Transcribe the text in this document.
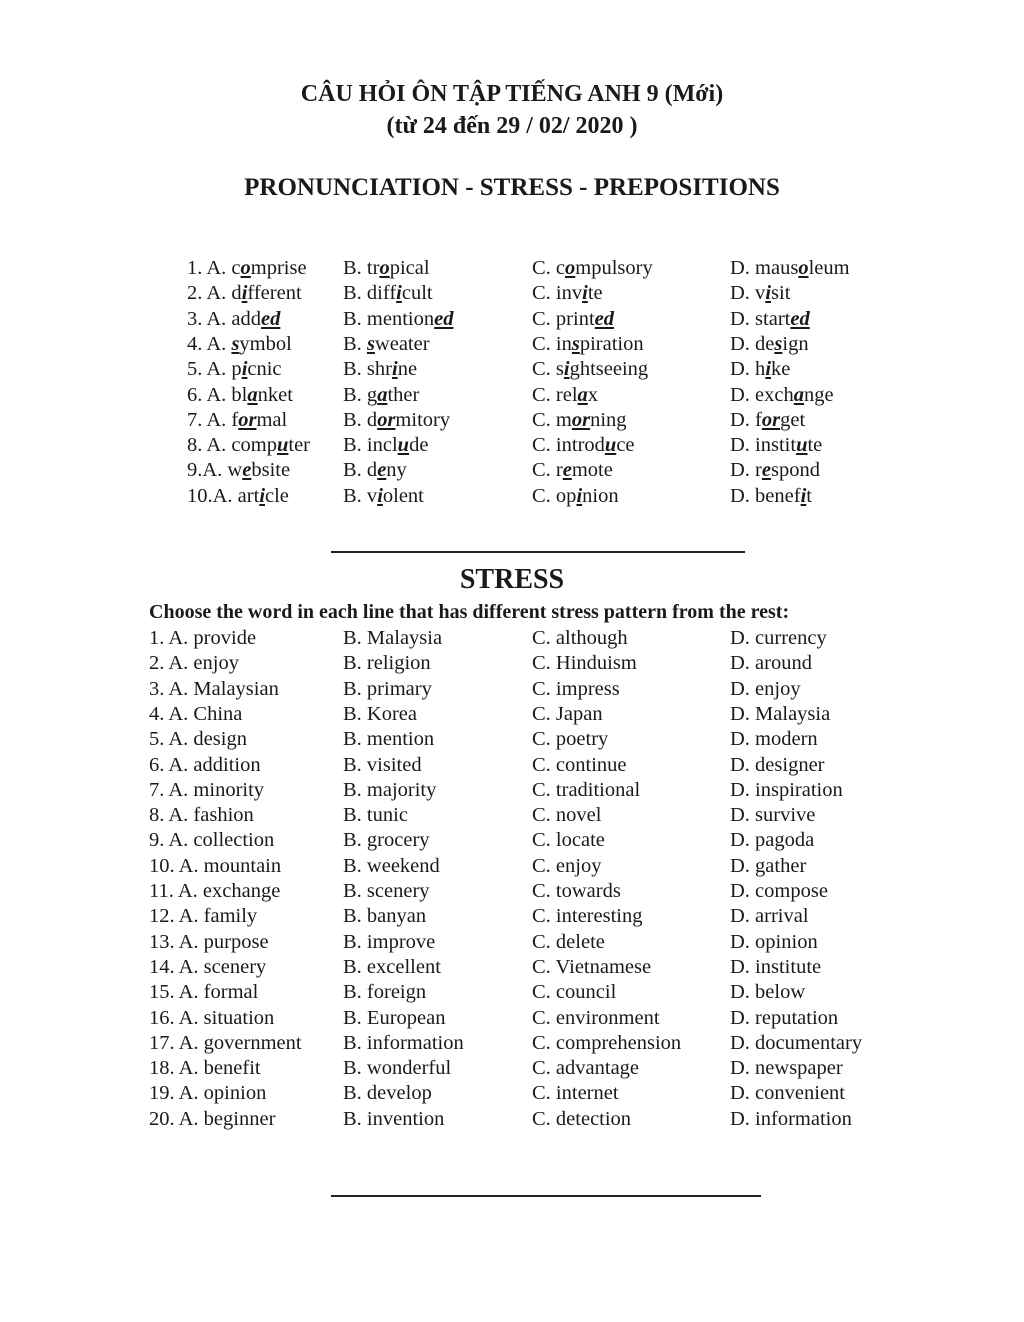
CÂU HỎI ÔN TẬP TIẾNG ANH 9 (Mới)
(từ 24 đến 29 / 02/ 2020 )
PRONUNCIATION - STRESS - PREPOSITIONS
1. A. comprise B. tropical	C. compulsory	D. mausoleum
2. A. different B. difficult	C. invite	D. visit
3. A. added	B. mentioned	C. printed	D. started
4. A. symbol B. sweater	C. inspiration	D. design
5. A. picnic	B. shrine	C. sightseeing	D. hike
6. A. blanket B. gather	C. relax	D. exchange
7. A. formal	B. dormitory	C. morning	D. forget
8. A. computer B. include	C. introduce	D. institute
9.A. website	B. deny	C. remote	D. respond
10.A. article	B. violent	C. opinion	D. benefit
STRESS
Choose the word in each line that has different stress pattern from the rest:
1. A. provide	B. Malaysia	C. although	D. currency
2. A. enjoy	B. religion	C. Hinduism	D. around
3. A. Malaysian	B. primary	C. impress	D. enjoy
4. A. China	B. Korea	C. Japan	D. Malaysia
5. A. design	B. mention	C. poetry	D. modern
6. A. addition	B. visited	C. continue	D. designer
7. A. minority	B. majority	C. traditional	D. inspiration
8. A. fashion	B. tunic	C. novel	D. survive
9. A. collection	B. grocery	C. locate	D. pagoda
10. A. mountain	B. weekend	C. enjoy	D. gather
11. A. exchange	B. scenery	C. towards	D. compose
12. A. family	B. banyan	C. interesting	D. arrival
13. A. purpose	B. improve	C. delete	D. opinion
14. A. scenery	B. excellent	C. Vietnamese	D. institute
15. A. formal	B. foreign	C. council	D. below
16. A. situation	B. European	C. environment	D. reputation
17. A. government B. information	C. comprehension D. documentary
18. A. benefit	B. wonderful	C. advantage	D. newspaper
19. A. opinion	B. develop	C. internet	D. convenient
20. A. beginner	B. invention	C. detection	D. information
